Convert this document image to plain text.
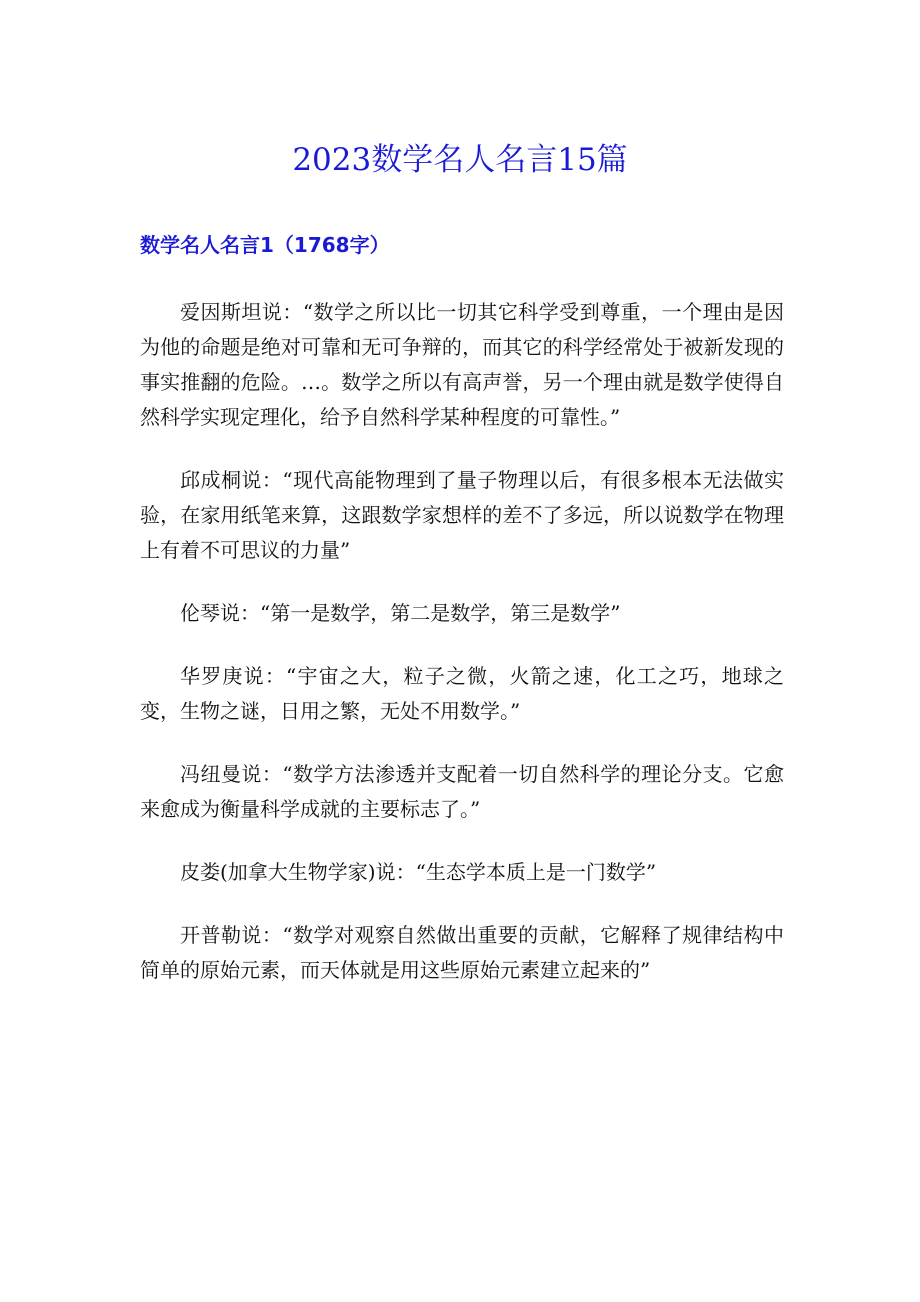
2023数学名人名言15篇
数学名人名言1（1768字）

爱因斯坦说：“数学之所以比一切其它科学受到尊重，一个理由是因为他的命题是绝对可靠和无可争辩的，而其它的科学经常处于被新发现的事实推翻的危险。…。数学之所以有高声誉，另一个理由就是数学使得自然科学实现定理化，给予自然科学某种程度的可靠性。”

邱成桐说：“现代高能物理到了量子物理以后，有很多根本无法做实验，在家用纸笔来算，这跟数学家想样的差不了多远，所以说数学在物理上有着不可思议的力量”

伦琴说：“第一是数学，第二是数学，第三是数学”

华罗庚说：“宇宙之大，粒子之微，火箭之速，化工之巧，地球之变，生物之谜，日用之繁，无处不用数学。”

冯纽曼说：“数学方法渗透并支配着一切自然科学的理论分支。它愈来愈成为衡量科学成就的主要标志了。”

皮娄(加拿大生物学家)说：“生态学本质上是一门数学”

开普勒说：“数学对观察自然做出重要的贡献，它解释了规律结构中简单的原始元素，而天体就是用这些原始元素建立起来的”
